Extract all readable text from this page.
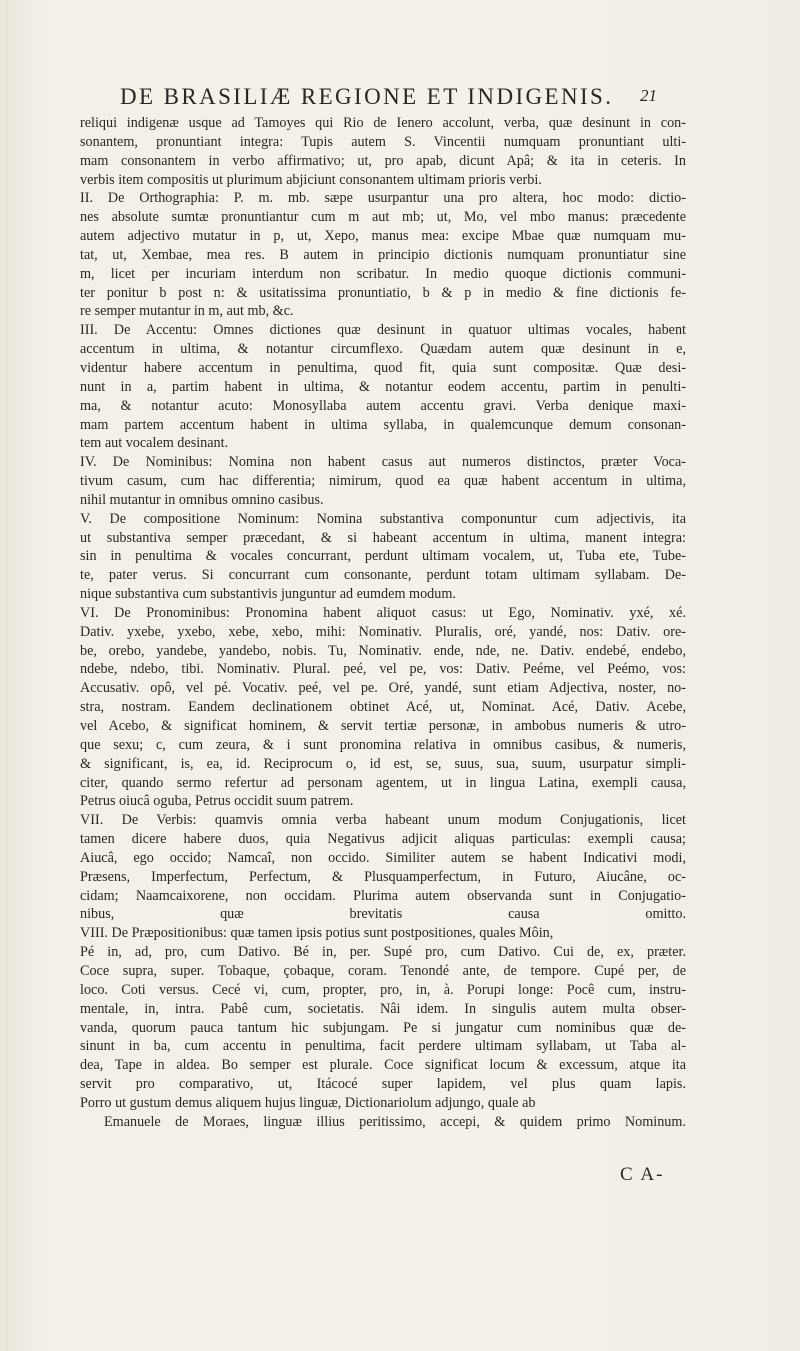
DE BRASILIÆ REGIONE ET INDIGENIS.	21
reliqui indigenæ usque ad Tamoyes qui Rio de Ienero accolunt, verba, quæ desinunt in con-
sonantem, pronuntiant integra: Tupis autem S. Vincentii numquam pronuntiant ulti-
mam consonantem in verbo affirmativo; ut, pro apab, dicunt Apâ; & ita in ceteris. In
verbis item compositis ut plurimum abjiciunt consonantem ultimam prioris verbi.
II. De Orthographia: P. m. mb. sæpe usurpantur una pro altera, hoc modo: dictio-
nes absolute sumtæ pronuntiantur cum m aut mb; ut, Mo, vel mbo manus: præcedente
autem adjectivo mutatur in p, ut, Xepo, manus mea: excipe Mbae quæ numquam mu-
tat, ut, Xembae, mea res. B autem in principio dictionis numquam pronuntiatur sine
m, licet per incuriam interdum non scribatur. In medio quoque dictionis communi-
ter ponitur b post n: & usitatissima pronuntiatio, b & p in medio & fine dictionis fe-
re semper mutantur in m, aut mb, &c.
III. De Accentu: Omnes dictiones quæ desinunt in quatuor ultimas vocales, habent
accentum in ultima, & notantur circumflexo. Quædam autem quæ desinunt in e,
videntur habere accentum in penultima, quod fit, quia sunt compositæ. Quæ desi-
nunt in a, partim habent in ultima, & notantur eodem accentu, partim in penulti-
ma, & notantur acuto: Monosyllaba autem accentu gravi. Verba denique maxi-
mam partem accentum habent in ultima syllaba, in qualemcunque demum consonan-
tem aut vocalem desinant.
IV. De Nominibus: Nomina non habent casus aut numeros distinctos, præter Voca-
tivum casum, cum hac differentia; nimirum, quod ea quæ habent accentum in ultima,
nihil mutantur in omnibus omnino casibus.
V. De compositione Nominum: Nomina substantiva componuntur cum adjectivis, ita
ut substantiva semper præcedant, & si habeant accentum in ultima, manent integra:
sin in penultima & vocales concurrant, perdunt ultimam vocalem, ut, Tuba ete, Tube-
te, pater verus. Si concurrant cum consonante, perdunt totam ultimam syllabam. De-
nique substantiva cum substantivis junguntur ad eumdem modum.
VI. De Pronominibus: Pronomina habent aliquot casus: ut Ego, Nominativ. yxé, xé.
Dativ. yxebe, yxebo, xebe, xebo, mihi: Nominativ. Pluralis, oré, yandé, nos: Dativ. ore-
be, orebo, yandebe, yandebo, nobis. Tu, Nominativ. ende, nde, ne. Dativ. endebé, endebo,
ndebe, ndebo, tibi. Nominativ. Plural. peé, vel pe, vos: Dativ. Peéme, vel Peémo, vos:
Accusativ. opô, vel pé. Vocativ. peé, vel pe. Oré, yandé, sunt etiam Adjectiva, noster, no-
stra, nostram. Eandem declinationem obtinet Acé, ut, Nominat. Acé, Dativ. Acebe,
vel Acebo, & significat hominem, & servit tertiæ personæ, in ambobus numeris & utro-
que sexu; c, cum zeura, & i sunt pronomina relativa in omnibus casibus, & numeris,
& significant, is, ea, id. Reciprocum o, id est, se, suus, sua, suum, usurpatur simpli-
citer, quando sermo refertur ad personam agentem, ut in lingua Latina, exempli causa,
Petrus oiucâ oguba, Petrus occidit suum patrem.
VII. De Verbis: quamvis omnia verba habeant unum modum Conjugationis, licet
tamen dicere habere duos, quia Negativus adjicit aliquas particulas: exempli causa;
Aiucâ, ego occido; Namcaî, non occido. Similiter autem se habent Indicativi modi,
Præsens, Imperfectum, Perfectum, & Plusquamperfectum, in Futuro, Aiucâne, oc-
cidam; Naamcaixorene, non occidam. Plurima autem observanda sunt in Conjugatio-
nibus, quæ brevitatis causa omitto.
VIII. De Præpositionibus: quæ tamen ipsis potius sunt postpositiones, quales Môin,
Pé in, ad, pro, cum Dativo. Bé in, per. Supé pro, cum Dativo. Cui de, ex, præter.
Coce supra, super. Tobaque, çobaque, coram. Tenondé ante, de tempore. Cupé per, de
loco. Coti versus. Cecé vi, cum, propter, pro, in, à. Porupi longe: Pocê cum, instru-
mentale, in, intra. Pabê cum, societatis. Nâi idem. In singulis autem multa obser-
vanda, quorum pauca tantum hic subjungam. Pe si jungatur cum nominibus quæ de-
sinunt in ba, cum accentu in penultima, facit perdere ultimam syllabam, ut Taba al-
dea, Tape in aldea. Bo semper est plurale. Coce significat locum & excessum, atque ita
servit pro comparativo, ut, Itácocé super lapidem, vel plus quam lapis.
Porro ut gustum demus aliquem hujus linguæ, Dictionariolum adjungo, quale ab
Emanuele de Moraes, linguæ illius peritissimo, accepi, & quidem primo Nominum.
C A-
